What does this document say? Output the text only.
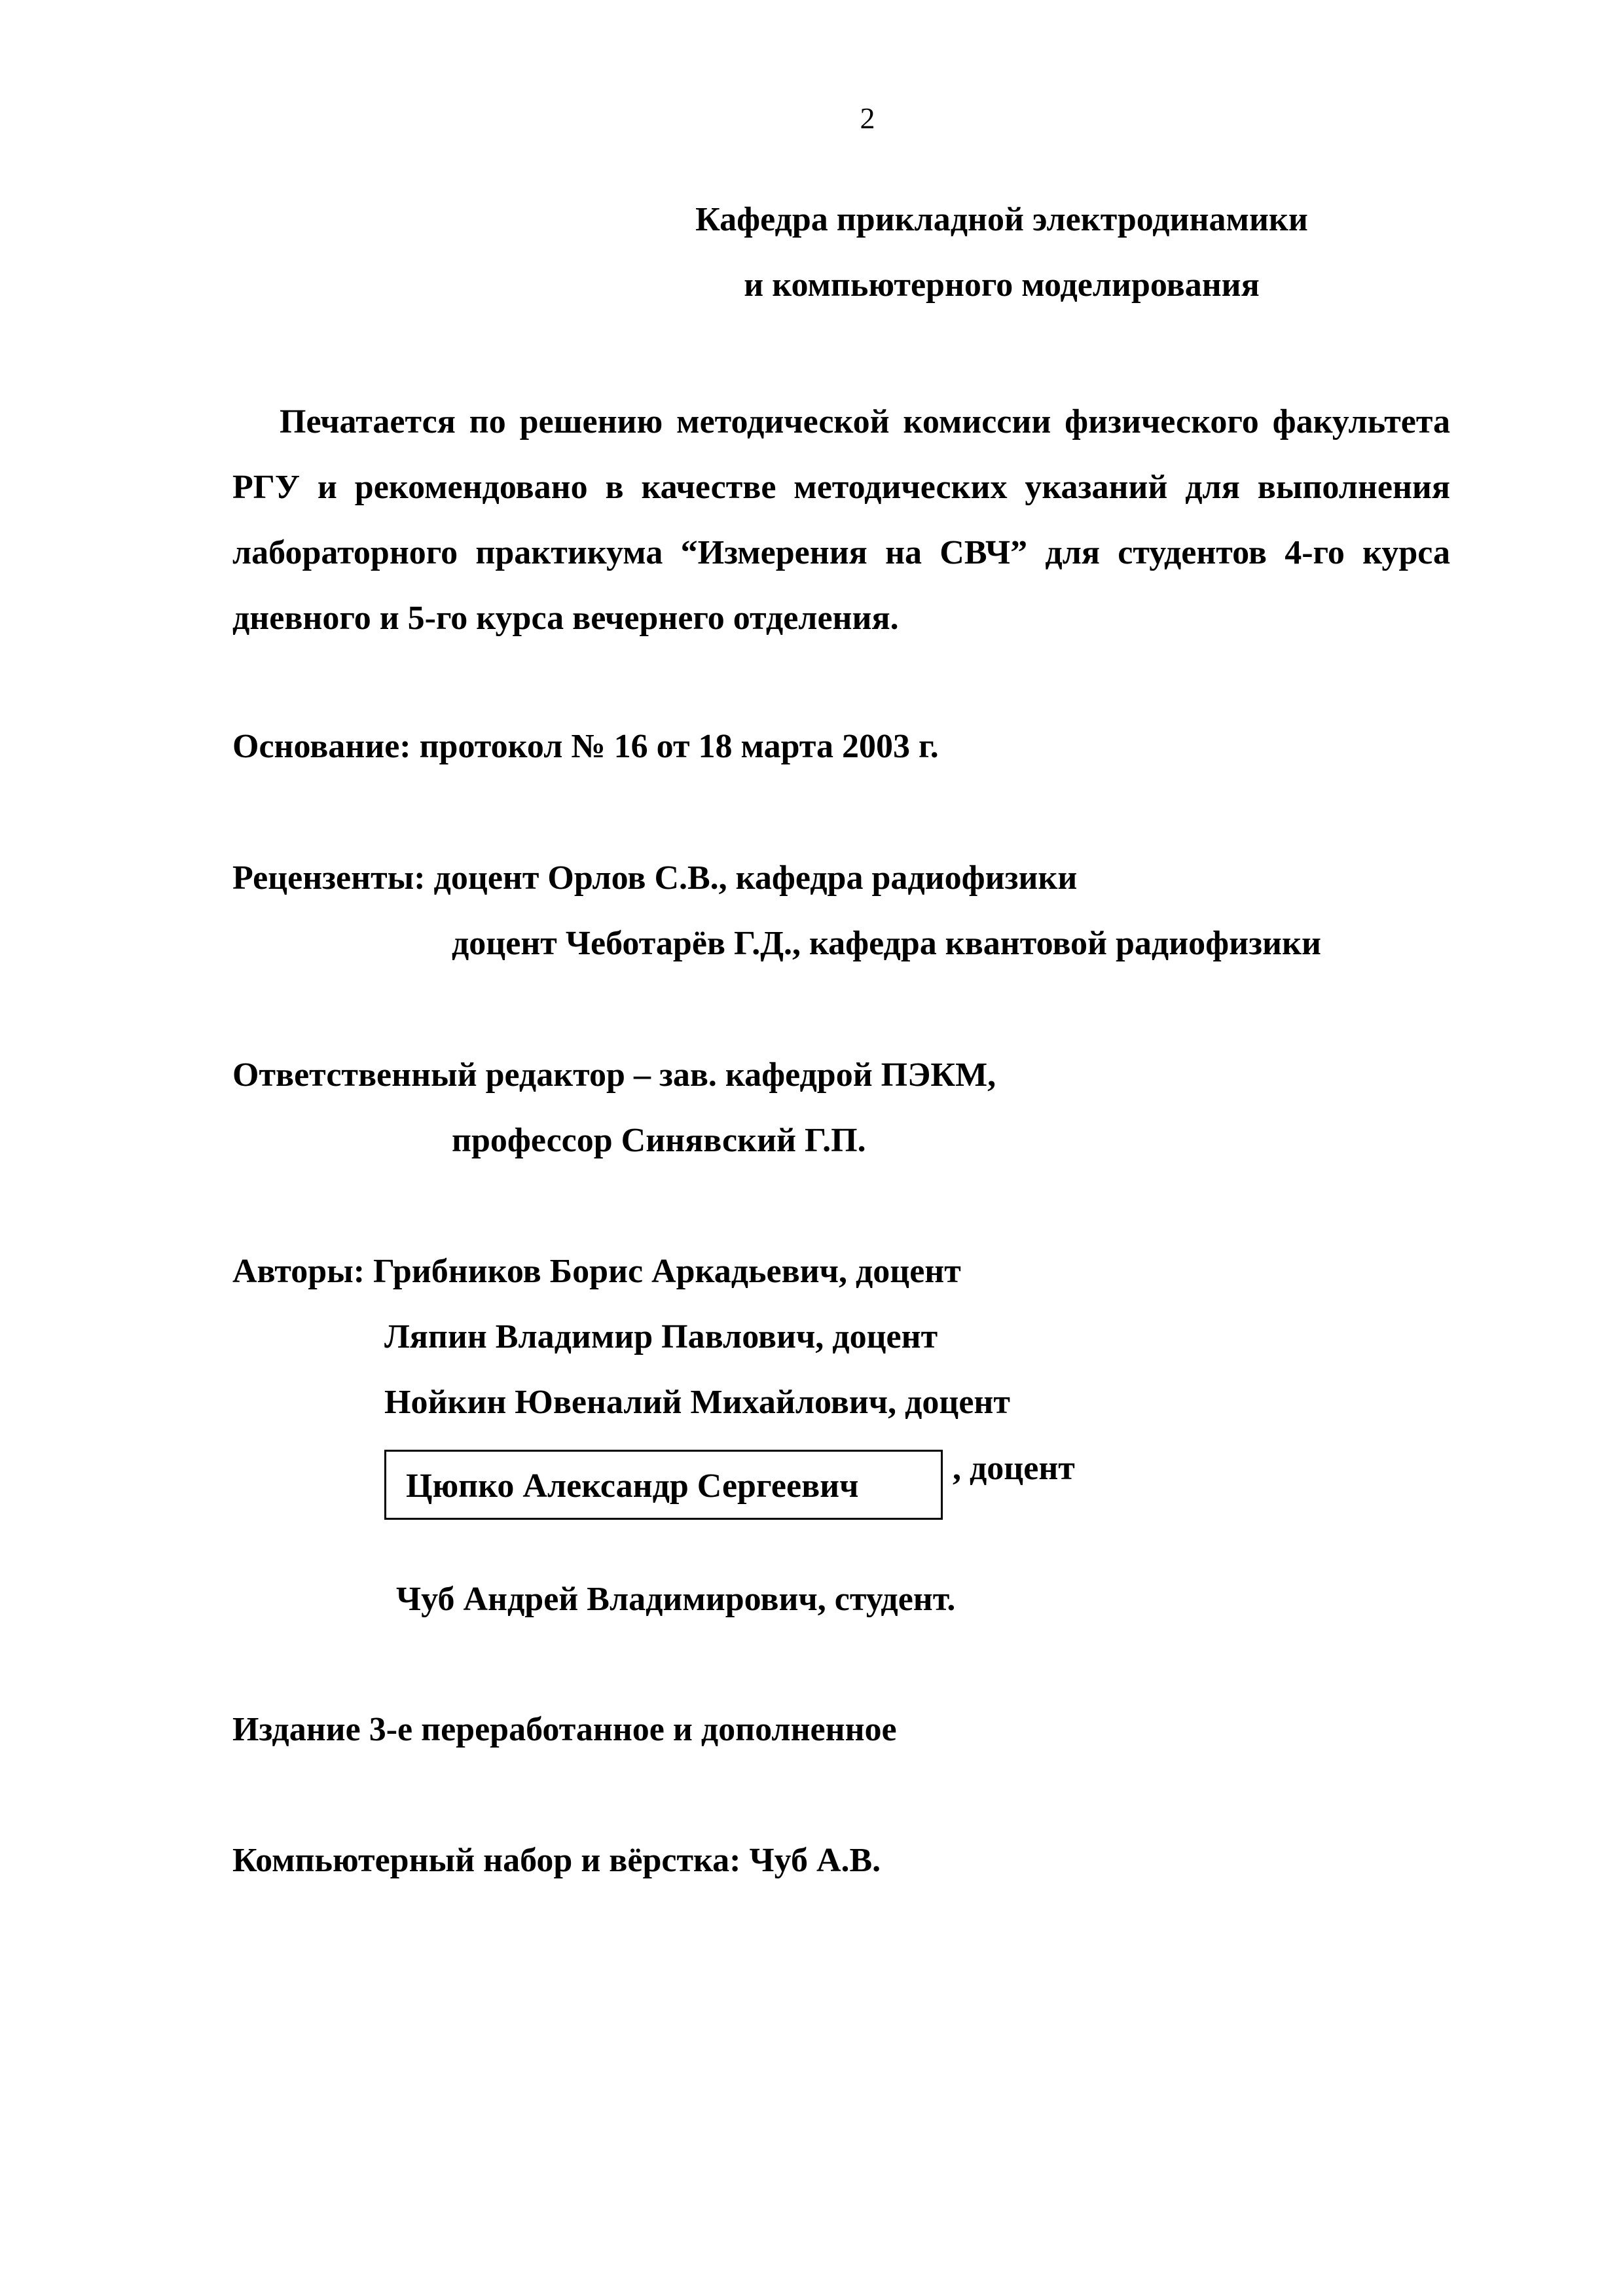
2

Кафедра прикладной электродинамики

и компьютерного моделирования

Печатается по решению методической комиссии физического факультета РГУ и рекомендовано в качестве методических указаний для выполнения лабораторного практикума “Измерения на СВЧ” для студентов 4-го курса дневного и 5-го курса вечернего отделения.

Основание: протокол № 16 от 18 марта 2003 г.

Рецензенты: доцент Орлов С.В., кафедра радиофизики

доцент Чеботарёв Г.Д., кафедра квантовой радиофизики

Ответственный редактор – зав. кафедрой ПЭКМ,

профессор Синявский Г.П.

Авторы: Грибников Борис Аркадьевич, доцент

Ляпин Владимир Павлович, доцент

Нойкин Ювеналий Михайлович, доцент

Цюпко Александр Сергеевич	, доцент

Чуб Андрей Владимирович, студент.

Издание 3-е переработанное и дополненное

Компьютерный набор и вёрстка: Чуб А.В.
